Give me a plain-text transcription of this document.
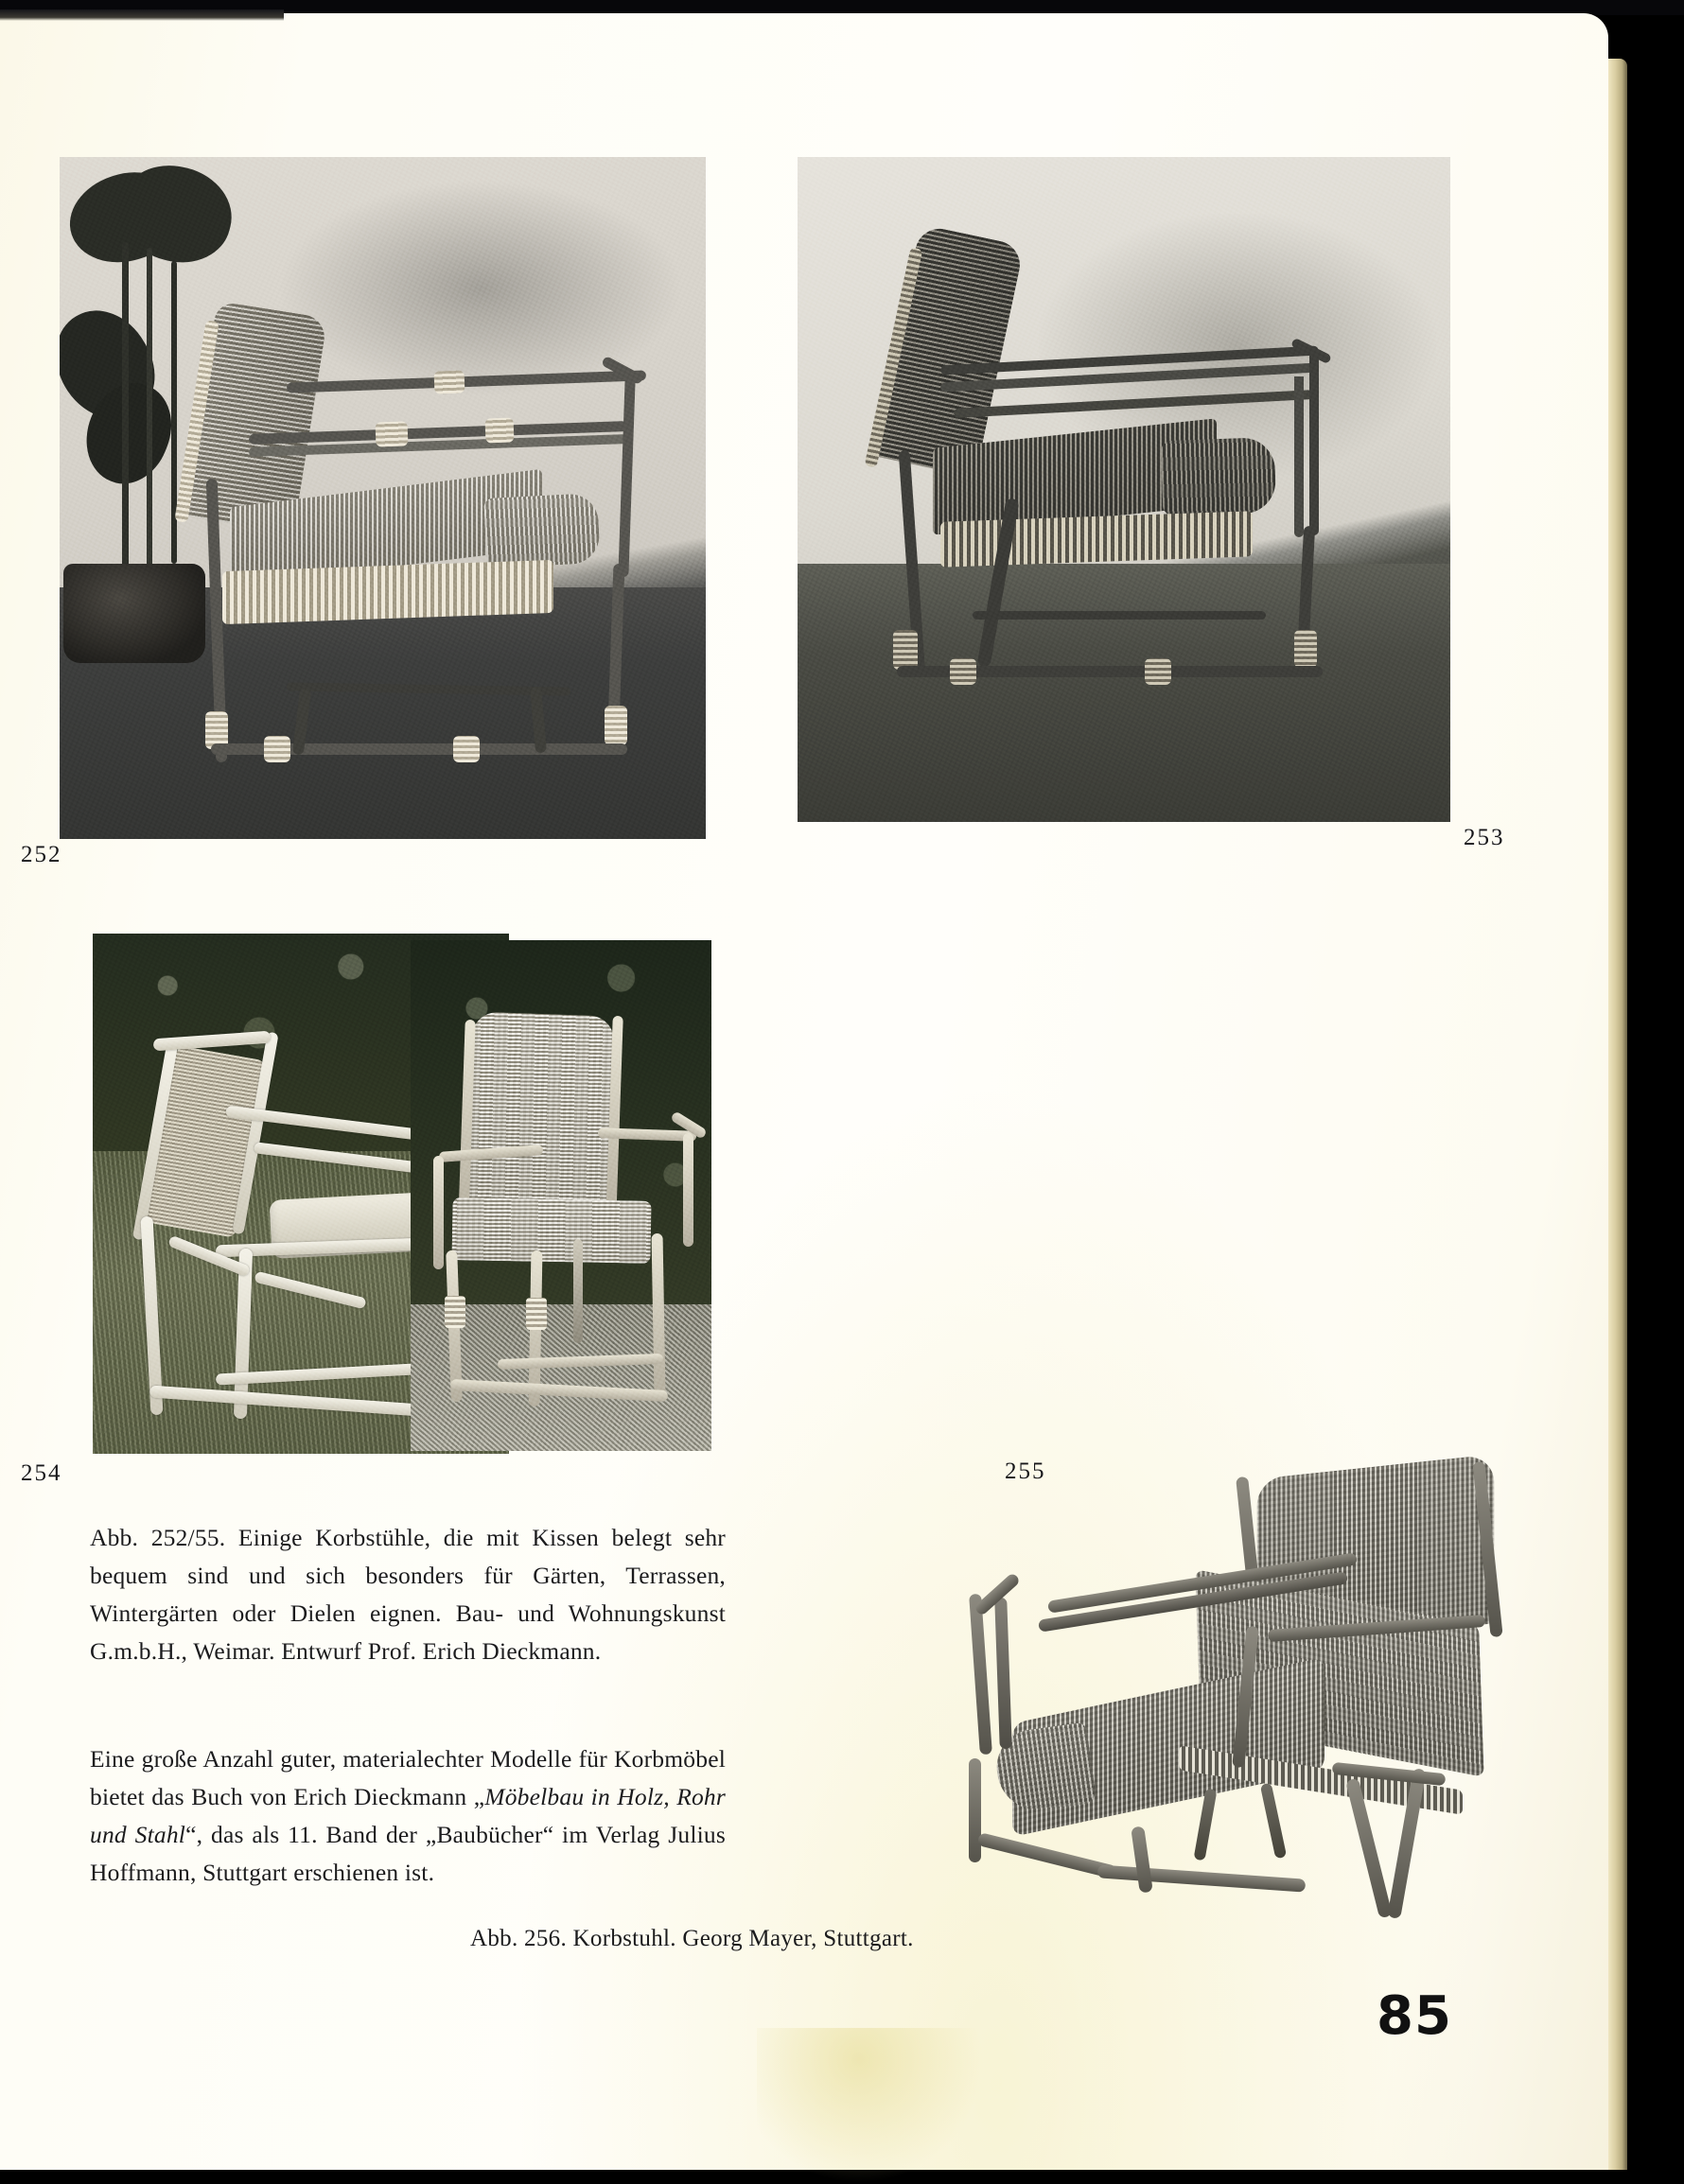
252
253
254	255
Abb. 252/55. Einige Korbstühle, die mit Kissen belegt sehr bequem sind und sich besonders für Gärten, Terrassen, Wintergärten oder Dielen eignen. Bau- und Wohnungskunst G.m.b.H., Weimar. Entwurf Prof. Erich Dieckmann.
Eine große Anzahl guter, materialechter Modelle für Korbmöbel bietet das Buch von Erich Dieckmann „Möbelbau in Holz, Rohr und Stahl“, das als 11. Band der „Baubücher“ im Verlag Julius Hoffmann, Stuttgart erschienen ist.
Abb. 256. Korbstuhl. Georg Mayer, Stuttgart.
85
